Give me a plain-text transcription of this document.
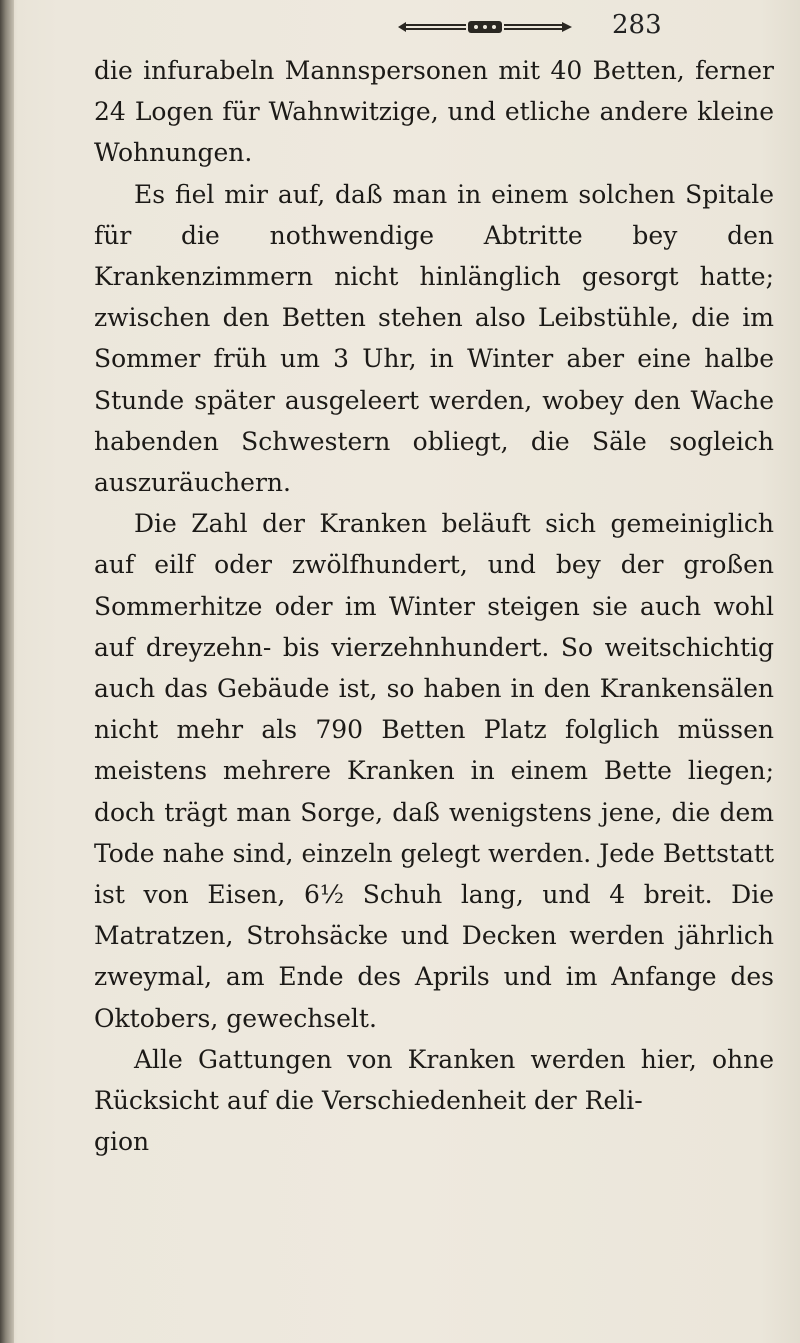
283

die infurabeln Mannspersonen mit 40 Betten, ferner 24 Logen für Wahnwitzige, und etliche andere kleine Wohnungen.

Es fiel mir auf, daß man in einem solchen Spitale für die nothwendige Abtritte bey den Krankenzimmern nicht hinlänglich gesorgt hatte; zwischen den Betten stehen also Leibstühle, die im Sommer früh um 3 Uhr, in Winter aber eine halbe Stunde später ausgeleert werden, wobey den Wache habenden Schwestern obliegt, die Säle sogleich auszuräuchern.

Die Zahl der Kranken beläuft sich gemeiniglich auf eilf oder zwölfhundert, und bey der großen Sommerhitze oder im Winter steigen sie auch wohl auf dreyzehn- bis vierzehnhundert. So weitschichtig auch das Gebäude ist, so haben in den Krankensälen nicht mehr als 790 Betten Platz folglich müssen meistens mehrere Kranken in einem Bette liegen; doch trägt man Sorge, daß wenigstens jene, die dem Tode nahe sind, einzeln gelegt werden. Jede Bettstatt ist von Eisen, 6½ Schuh lang, und 4 breit. Die Matratzen, Strohsäcke und Decken werden jährlich zweymal, am Ende des Aprils und im Anfange des Oktobers, gewechselt.

Alle Gattungen von Kranken werden hier, ohne Rücksicht auf die Verschiedenheit der Reli-

gion
